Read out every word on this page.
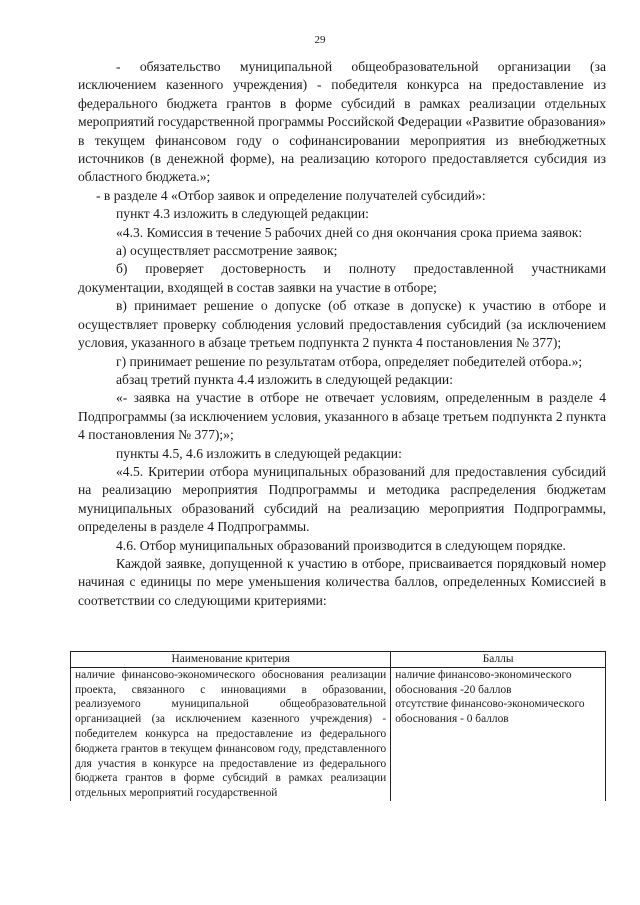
29

- обязательство муниципальной общеобразовательной организации (за исключением казенного учреждения) - победителя конкурса на предоставление из федерального бюджета грантов в форме субсидий в рамках реализации отдельных мероприятий государственной программы Российской Федерации «Развитие образования» в текущем финансовом году о софинансировании мероприятия из внебюджетных источников (в денежной форме), на реализацию которого предоставляется субсидия из областного бюджета.»;

- в разделе 4 «Отбор заявок и определение получателей субсидий»:

пункт 4.3 изложить в следующей редакции:

«4.3. Комиссия в течение 5 рабочих дней со дня окончания срока приема заявок:

а) осуществляет рассмотрение заявок;

б) проверяет достоверность и полноту предоставленной участниками документации, входящей в состав заявки на участие в отборе;

в) принимает решение о допуске (об отказе в допуске) к участию в отборе и осуществляет проверку соблюдения условий предоставления субсидий (за исключением условия, указанного в абзаце третьем подпункта 2 пункта 4 постановления № 377);

г) принимает решение по результатам отбора, определяет победителей отбора.»;

абзац третий пункта 4.4 изложить в следующей редакции:

«- заявка на участие в отборе не отвечает условиям, определенным в разделе 4 Подпрограммы (за исключением условия, указанного в абзаце третьем подпункта 2 пункта 4 постановления № 377);»;

пункты 4.5, 4.6 изложить в следующей редакции:

«4.5. Критерии отбора муниципальных образований для предоставления субсидий на реализацию мероприятия Подпрограммы и методика распределения бюджетам муниципальных образований субсидий на реализацию мероприятия Подпрограммы, определены в разделе 4 Подпрограммы.

4.6. Отбор муниципальных образований производится в следующем порядке.

Каждой заявке, допущенной к участию в отборе, присваивается порядковый номер начиная с единицы по мере уменьшения количества баллов, определенных Комиссией в соответствии со следующими критериями:

Наименование критерия	Баллы
наличие финансово-экономического обоснования реализации проекта, связанного с инновациями в образовании, реализуемого муниципальной общеобразовательной организацией (за исключением казенного учреждения) - победителем конкурса на предоставление из федерального бюджета грантов в текущем финансовом году, представленного для участия в конкурсе на предоставление из федерального бюджета грантов в форме субсидий в рамках реализации отдельных мероприятий государственной	наличие финансово-экономического обоснования -20 баллов
отсутствие финансово-экономического обоснования - 0 баллов
